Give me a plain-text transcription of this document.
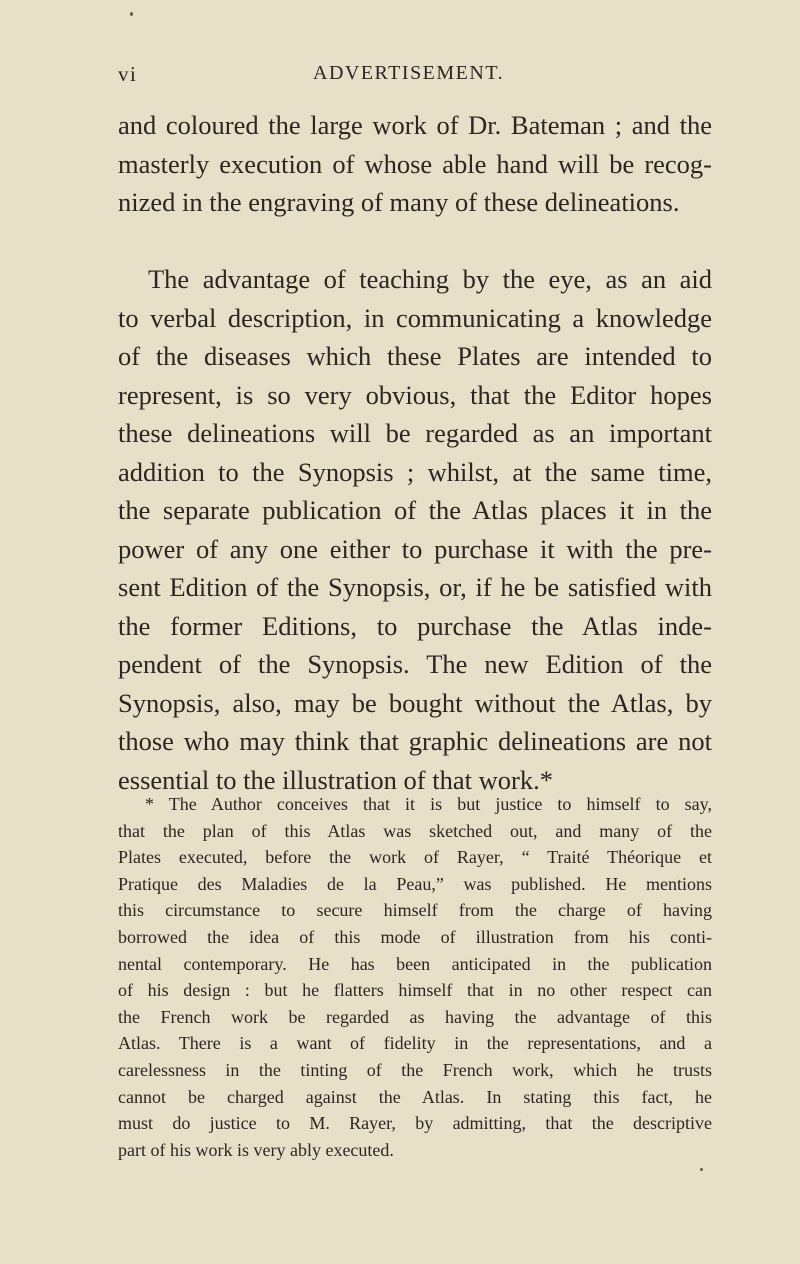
vi	ADVERTISEMENT.

and coloured the large work of Dr. Bateman ; and the
masterly execution of whose able hand will be recog-
nized in the engraving of many of these delineations.

The advantage of teaching by the eye, as an aid
to verbal description, in communicating a knowledge
of the diseases which these Plates are intended to
represent, is so very obvious, that the Editor hopes
these delineations will be regarded as an important
addition to the Synopsis ; whilst, at the same time,
the separate publication of the Atlas places it in the
power of any one either to purchase it with the pre-
sent Edition of the Synopsis, or, if he be satisfied with
the former Editions, to purchase the Atlas inde-
pendent of the Synopsis. The new Edition of the
Synopsis, also, may be bought without the Atlas, by
those who may think that graphic delineations are not
essential to the illustration of that work.*

* The Author conceives that it is but justice to himself to say,
that the plan of this Atlas was sketched out, and many of the
Plates executed, before the work of Rayer, “ Traité Théorique et
Pratique des Maladies de la Peau,” was published. He mentions
this circumstance to secure himself from the charge of having
borrowed the idea of this mode of illustration from his conti-
nental contemporary. He has been anticipated in the publication
of his design : but he flatters himself that in no other respect can
the French work be regarded as having the advantage of this
Atlas. There is a want of fidelity in the representations, and a
carelessness in the tinting of the French work, which he trusts
cannot be charged against the Atlas. In stating this fact, he
must do justice to M. Rayer, by admitting, that the descriptive
part of his work is very ably executed.
